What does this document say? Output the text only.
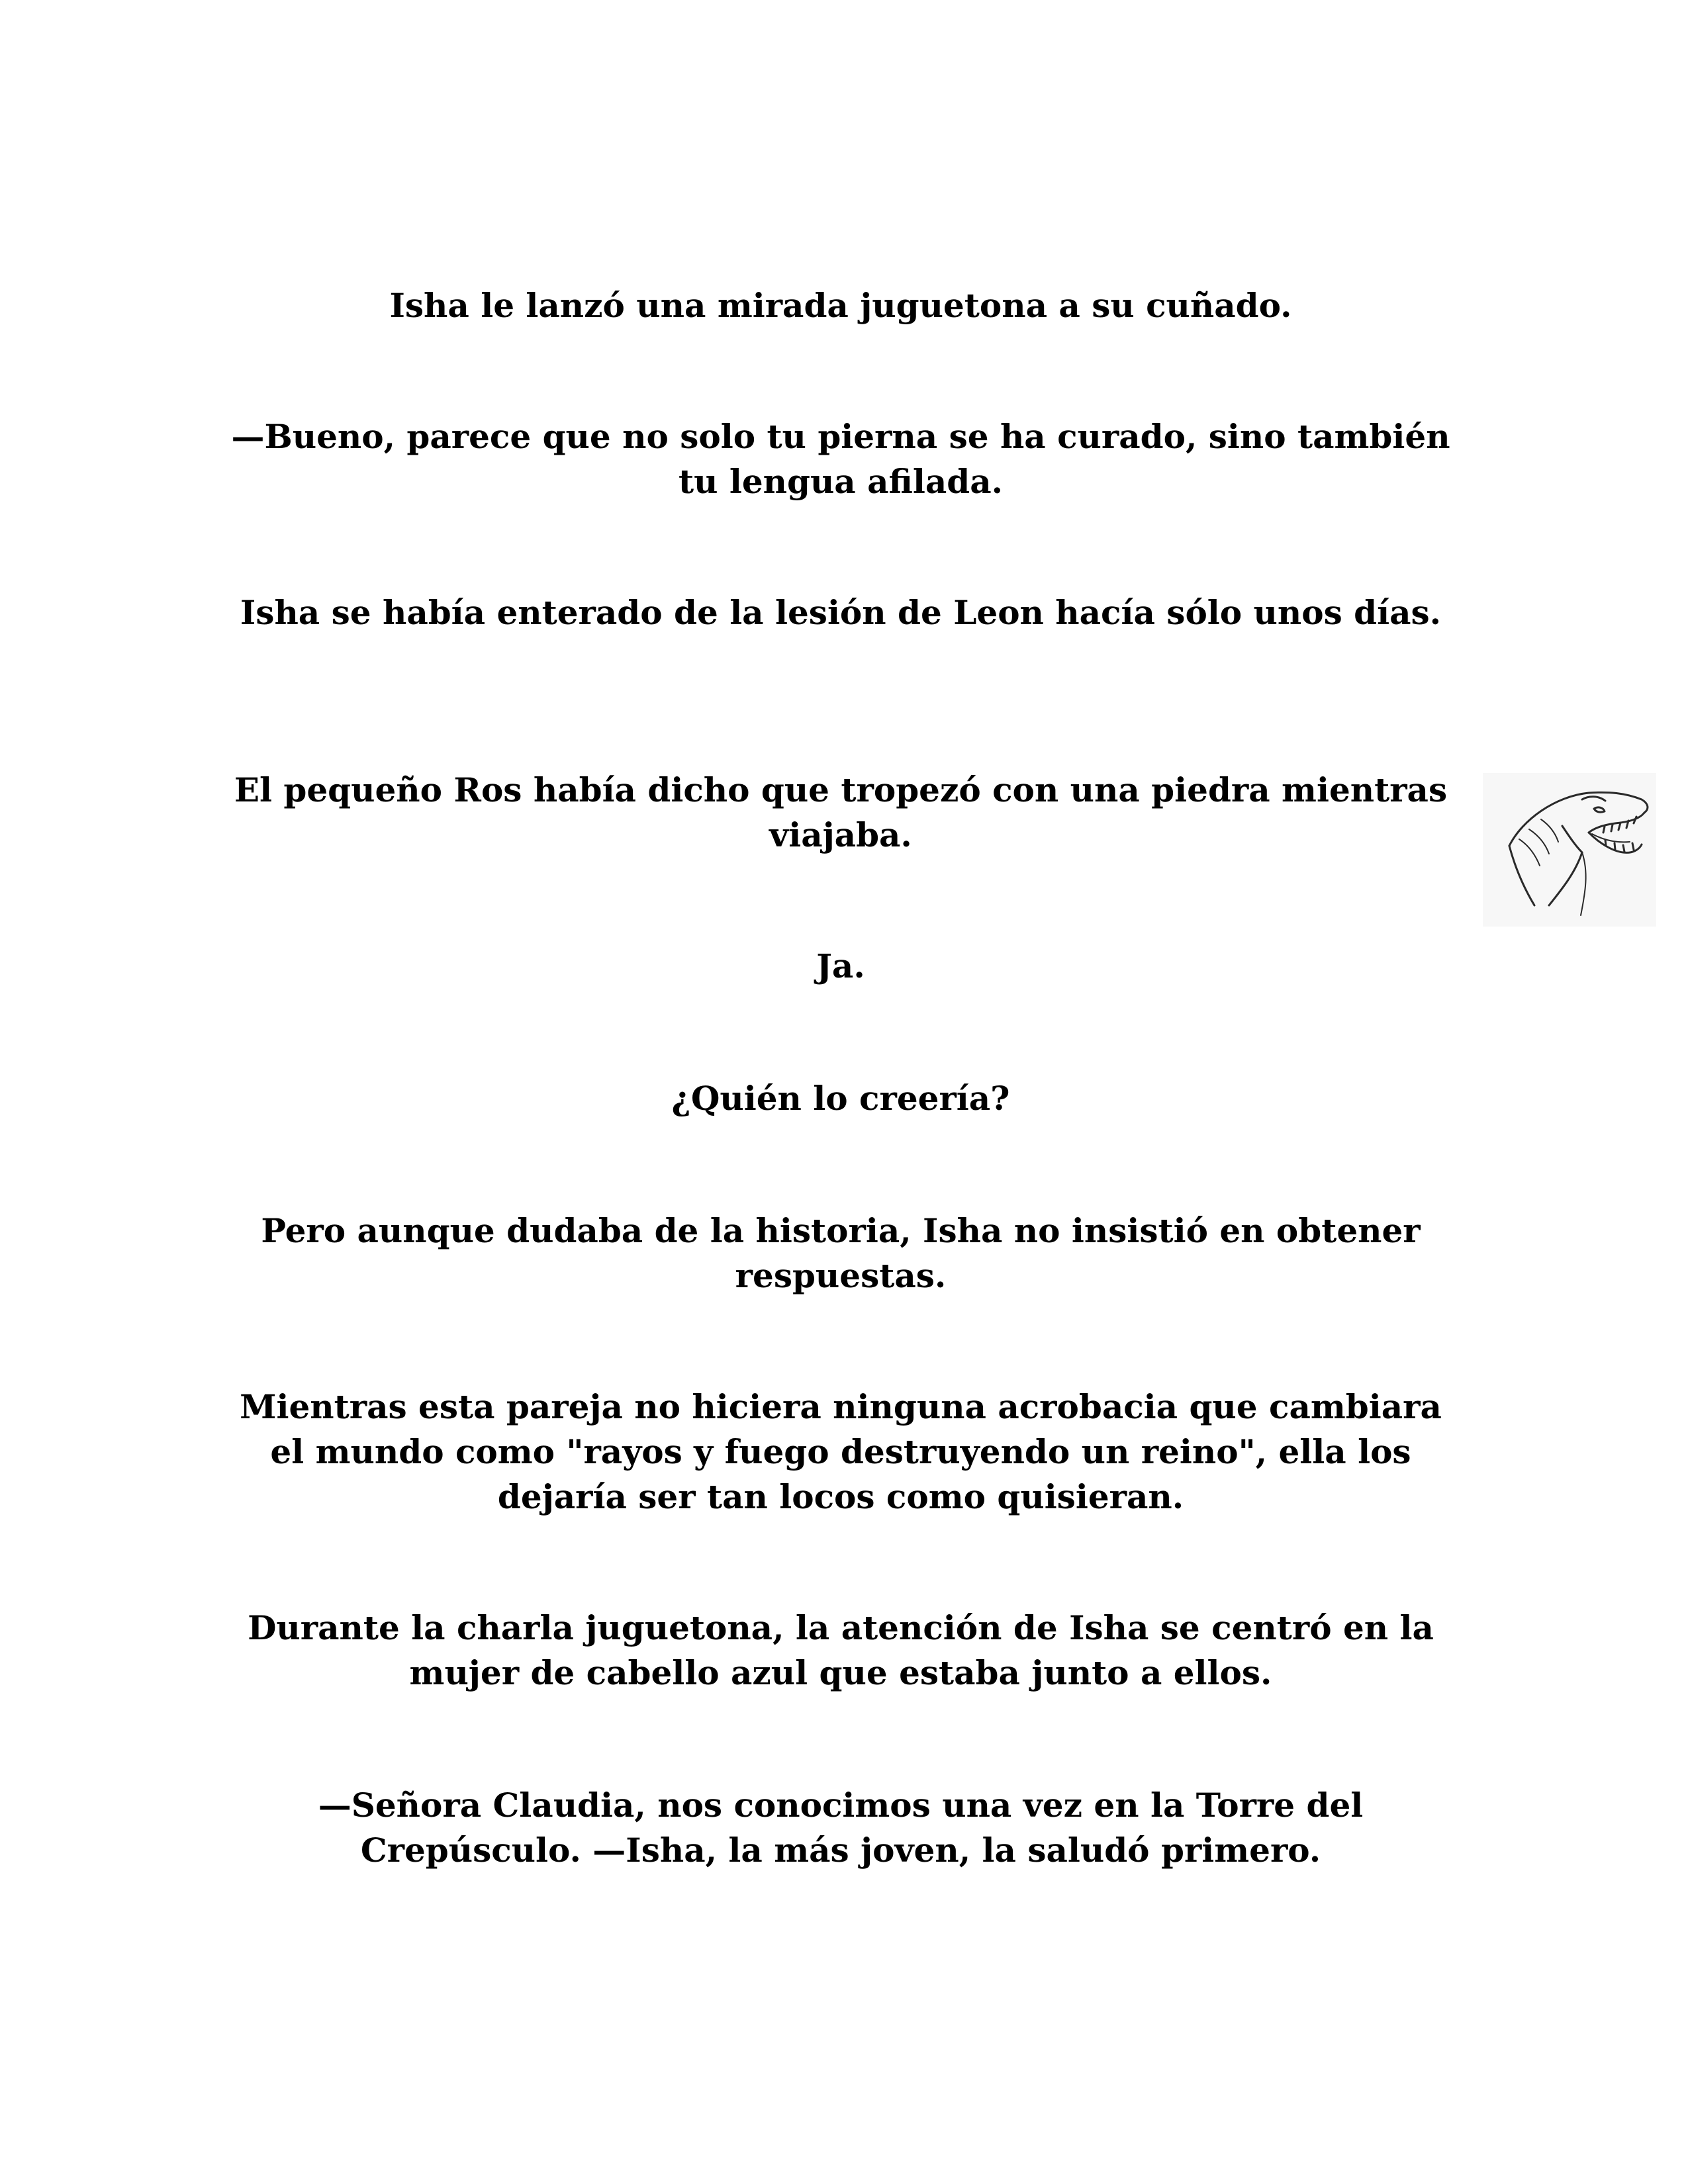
Isha le lanzó una mirada juguetona a su cuñado.

—Bueno, parece que no solo tu pierna se ha curado, sino también tu lengua afilada.

Isha se había enterado de la lesión de Leon hacía sólo unos días.

El pequeño Ros había dicho que tropezó con una piedra mientras viajaba.

Ja.

¿Quién lo creería?

Pero aunque dudaba de la historia, Isha no insistió en obtener respuestas.

Mientras esta pareja no hiciera ninguna acrobacia que cambiara el mundo como "rayos y fuego destruyendo un reino", ella los dejaría ser tan locos como quisieran.

Durante la charla juguetona, la atención de Isha se centró en la mujer de cabello azul que estaba junto a ellos.

—Señora Claudia, nos conocimos una vez en la Torre del Crepúsculo. —Isha, la más joven, la saludó primero.
